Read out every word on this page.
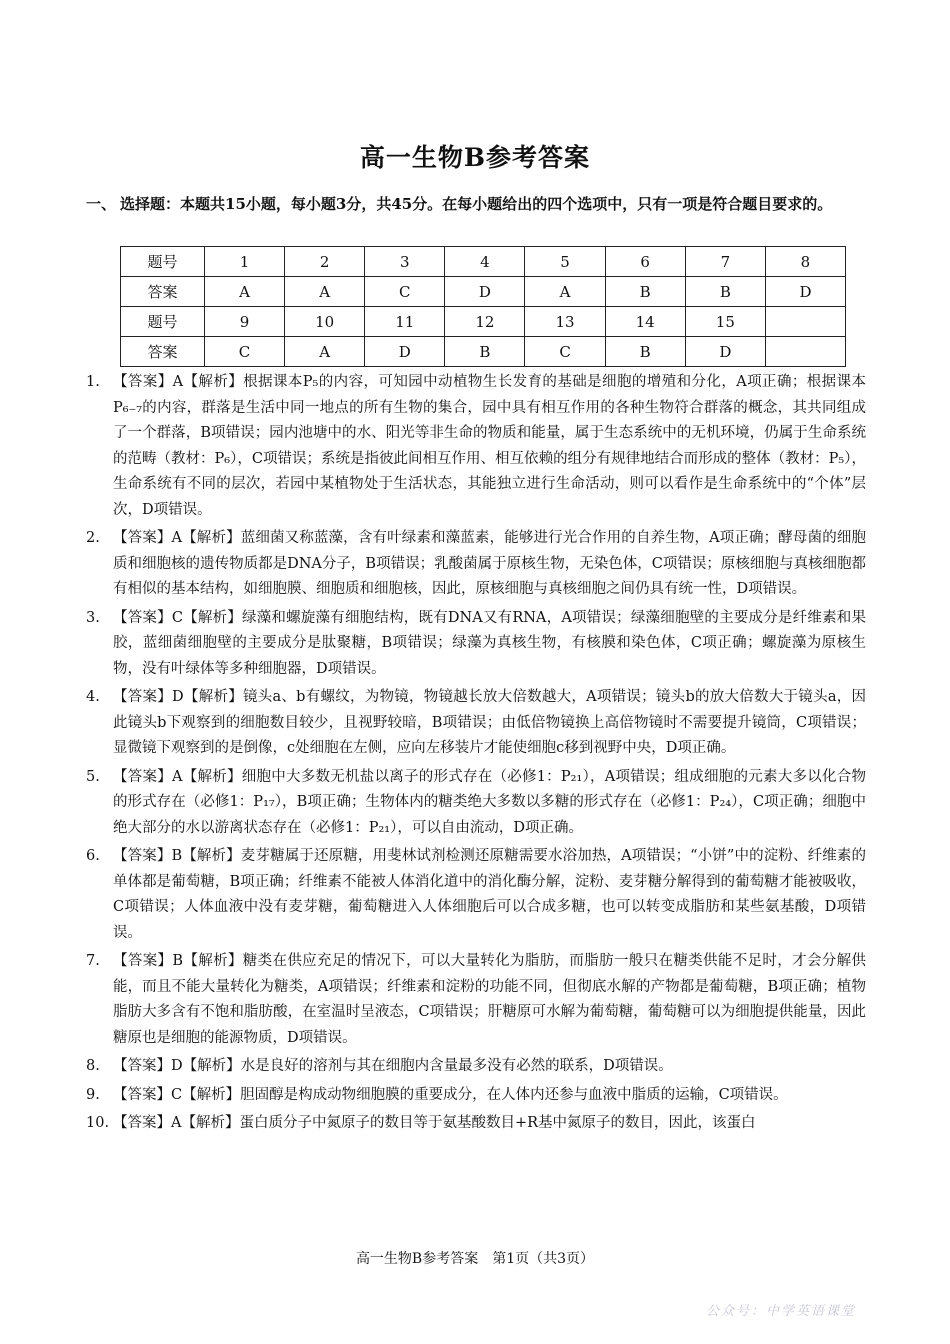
高一生物B参考答案
一、 选择题：本题共15小题，每小题3分，共45分。在每小题给出的四个选项中，只有一项是符合题目要求的。
题号	1	2	3	4	5	6	7	8
答案	A	A	C	D	A	B	B	D
题号	9	10	11	12	13	14	15	
答案	C	A	D	B	C	B	D	
1. 【答案】A【解析】根据课本P₅的内容，可知园中动植物生长发育的基础是细胞的增殖和分化，A项正确；根据课本P₆₋₇的内容，群落是生活中同一地点的所有生物的集合，园中具有相互作用的各种生物符合群落的概念，其共同组成了一个群落，B项错误；园内池塘中的水、阳光等非生命的物质和能量，属于生态系统中的无机环境，仍属于生命系统的范畴（教材：P₆），C项错误；系统是指彼此间相互作用、相互依赖的组分有规律地结合而形成的整体（教材：P₅），生命系统有不同的层次，若园中某植物处于生活状态，其能独立进行生命活动，则可以看作是生命系统中的“个体”层次，D项错误。
2. 【答案】A【解析】蓝细菌又称蓝藻，含有叶绿素和藻蓝素，能够进行光合作用的自养生物，A项正确；酵母菌的细胞质和细胞核的遗传物质都是DNA分子，B项错误；乳酸菌属于原核生物，无染色体，C项错误；原核细胞与真核细胞都有相似的基本结构，如细胞膜、细胞质和细胞核，因此，原核细胞与真核细胞之间仍具有统一性，D项错误。
3. 【答案】C【解析】绿藻和螺旋藻有细胞结构，既有DNA又有RNA，A项错误；绿藻细胞壁的主要成分是纤维素和果胶，蓝细菌细胞壁的主要成分是肽聚糖，B项错误；绿藻为真核生物，有核膜和染色体，C项正确；螺旋藻为原核生物，没有叶绿体等多种细胞器，D项错误。
4. 【答案】D【解析】镜头a、b有螺纹，为物镜，物镜越长放大倍数越大，A项错误；镜头b的放大倍数大于镜头a，因此镜头b下观察到的细胞数目较少，且视野较暗，B项错误；由低倍物镜换上高倍物镜时不需要提升镜筒，C项错误；显微镜下观察到的是倒像，c处细胞在左侧，应向左移装片才能使细胞c移到视野中央，D项正确。
5. 【答案】A【解析】细胞中大多数无机盐以离子的形式存在（必修1：P₂₁），A项错误；组成细胞的元素大多以化合物的形式存在（必修1：P₁₇），B项正确；生物体内的糖类绝大多数以多糖的形式存在（必修1：P₂₄），C项正确；细胞中绝大部分的水以游离状态存在（必修1：P₂₁），可以自由流动，D项正确。
6. 【答案】B【解析】麦芽糖属于还原糖，用斐林试剂检测还原糖需要水浴加热，A项错误；“小饼”中的淀粉、纤维素的单体都是葡萄糖，B项正确；纤维素不能被人体消化道中的消化酶分解，淀粉、麦芽糖分解得到的葡萄糖才能被吸收，C项错误；人体血液中没有麦芽糖，葡萄糖进入人体细胞后可以合成多糖，也可以转变成脂肪和某些氨基酸，D项错误。
7. 【答案】B【解析】糖类在供应充足的情况下，可以大量转化为脂肪，而脂肪一般只在糖类供能不足时，才会分解供能，而且不能大量转化为糖类，A项错误；纤维素和淀粉的功能不同，但彻底水解的产物都是葡萄糖，B项正确；植物脂肪大多含有不饱和脂肪酸，在室温时呈液态，C项错误；肝糖原可水解为葡萄糖，葡萄糖可以为细胞提供能量，因此糖原也是细胞的能源物质，D项错误。
8. 【答案】D【解析】水是良好的溶剂与其在细胞内含量最多没有必然的联系，D项错误。
9. 【答案】C【解析】胆固醇是构成动物细胞膜的重要成分，在人体内还参与血液中脂质的运输，C项错误。
10. 【答案】A【解析】蛋白质分子中氮原子的数目等于氨基酸数目+R基中氮原子的数目，因此，该蛋白
高一生物B参考答案　第1页（共3页）
公众号：中学英语课堂
